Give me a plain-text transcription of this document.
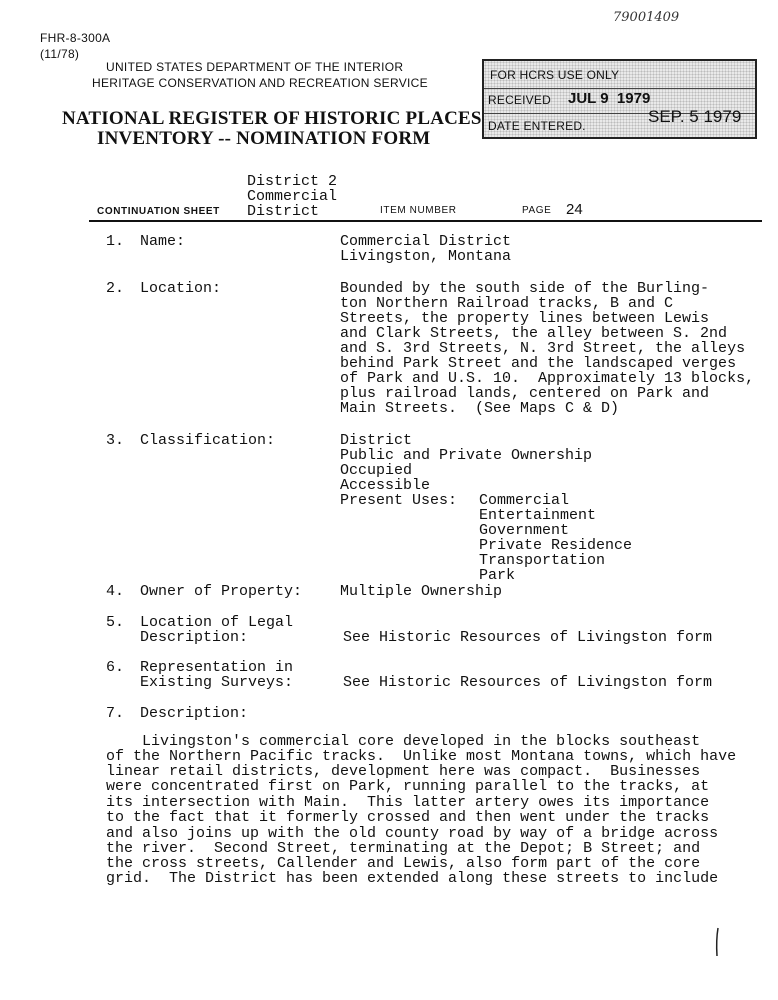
79001409
FHR-8-300A
(11/78)
UNITED STATES DEPARTMENT OF THE INTERIOR
HERITAGE CONSERVATION AND RECREATION SERVICE
NATIONAL REGISTER OF HISTORIC PLACES
INVENTORY -- NOMINATION FORM
FOR HCRS USE ONLY
RECEIVED JUL 9  1979
DATE ENTERED.	SEP. 5 1979
District 2
Commercial
District
CONTINUATION SHEET	ITEM NUMBER	PAGE 24
1. Name:	Commercial District
Livingston, Montana
2. Location:	Bounded by the south side of the Burling-
ton Northern Railroad tracks, B and C
Streets, the property lines between Lewis
and Clark Streets, the alley between S. 2nd
and S. 3rd Streets, N. 3rd Street, the alleys
behind Park Street and the landscaped verges
of Park and U.S. 10.  Approximately 13 blocks,
plus railroad lands, centered on Park and
Main Streets.  (See Maps C & D)
3. Classification:	District
Public and Private Ownership
Occupied
Accessible
Present Uses: Commercial
Entertainment
Government
Private Residence
Transportation
Park
4. Owner of Property:	Multiple Ownership
5. Location of Legal
Description:	See Historic Resources of Livingston form
6. Representation in
Existing Surveys:	See Historic Resources of Livingston form
7. Description:
Livingston's commercial core developed in the blocks southeast
of the Northern Pacific tracks.  Unlike most Montana towns, which have
linear retail districts, development here was compact.  Businesses
were concentrated first on Park, running parallel to the tracks, at
its intersection with Main.  This latter artery owes its importance
to the fact that it formerly crossed and then went under the tracks
and also joins up with the old county road by way of a bridge across
the river.  Second Street, terminating at the Depot; B Street; and
the cross streets, Callender and Lewis, also form part of the core
grid.  The District has been extended along these streets to include
